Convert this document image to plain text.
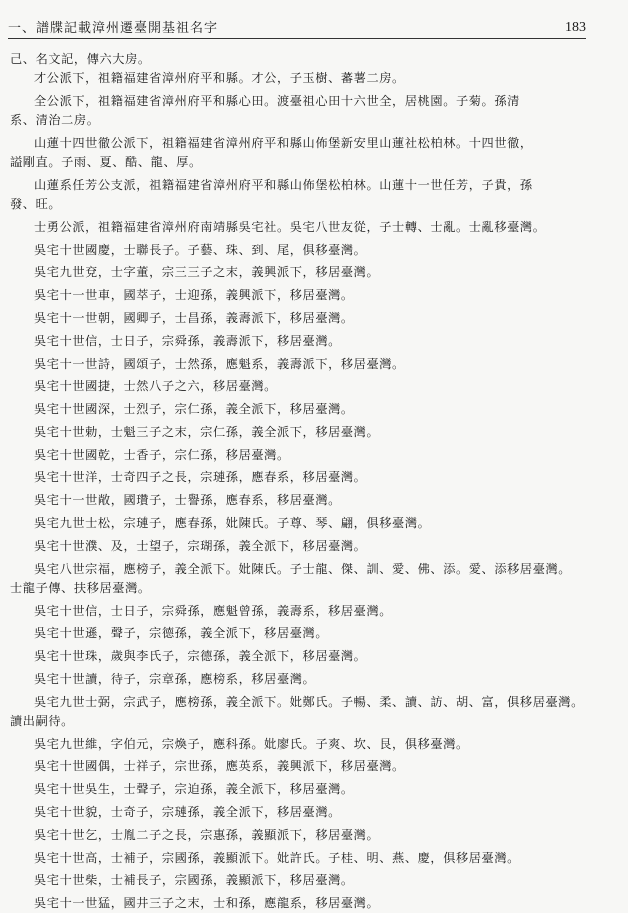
一、譜牒記載漳州遷臺開基祖名字	183
己、名文記，傳六大房。
才公派下，祖籍福建省漳州府平和縣。才公，子玉樹、蕃薯二房。
全公派下，祖籍福建省漳州府平和縣心田。渡臺祖心田十六世全，居桃園。子菊。孫清
系、清治二房。
山蓮十四世徹公派下，祖籍福建省漳州府平和縣山佈堡新安里山蓮社松柏林。十四世徹，
謚剛直。子雨、夏、酷、龍、厚。
山蓮系任芳公支派，祖籍福建省漳州府平和縣山佈堡松柏林。山蓮十一世任芳，子貴，孫
發、旺。
士勇公派，祖籍福建省漳州府南靖縣吳宅社。吳宅八世友從，子士轉、士亂。士亂移臺灣。
吳宅十世國慶，士聯長子。子藝、珠、到、尾，俱移臺灣。
吳宅九世兗，士字董，宗三三子之末，義興派下，移居臺灣。
吳宅十一世車，國萃子，士迎孫，義興派下，移居臺灣。
吳宅十一世朝，國卿子，士昌孫，義壽派下，移居臺灣。
吳宅十世信，士日子，宗舜孫，義壽派下，移居臺灣。
吳宅十一世詩，國頌子，士然孫，應魁系，義壽派下，移居臺灣。
吳宅十世國捷，士然八子之六，移居臺灣。
吳宅十世國深，士烈子，宗仁孫，義全派下，移居臺灣。
吳宅十世勅，士魁三子之末，宗仁孫，義全派下，移居臺灣。
吳宅十世國乾，士香子，宗仁孫，移居臺灣。
吳宅十世洋，士奇四子之長，宗璉孫，應春系，移居臺灣。
吳宅十一世敞，國瓚子，士譽孫，應春系，移居臺灣。
吳宅九世士松，宗璉子，應春孫，妣陳氏。子尊、琴、翩，俱移臺灣。
吳宅十世濮、及，士望子，宗瑚孫，義全派下，移居臺灣。
吳宅八世宗福，應榜子，義全派下。妣陳氏。子士龍、傑、訓、愛、佛、添。愛、添移居臺灣。
士龍子傳、扶移居臺灣。
吳宅十世信，士日子，宗舜孫，應魁曾孫，義壽系，移居臺灣。
吳宅十世遜，聲子，宗德孫，義全派下，移居臺灣。
吳宅十世珠，歲與李氏子，宗德孫，義全派下，移居臺灣。
吳宅十世讀，待子，宗章孫，應榜系，移居臺灣。
吳宅九世士弼，宗武子，應榜孫，義全派下。妣鄭氏。子暢、柔、讀、訪、胡、富，俱移居臺灣。
讀出嗣待。
吳宅九世維，字伯元，宗煥子，應科孫。妣廖氏。子爽、坎、艮，俱移臺灣。
吳宅十世國偶，士祥子，宗世孫，應英系，義興派下，移居臺灣。
吳宅十世吳生，士聲子，宗迫孫，義全派下，移居臺灣。
吳宅十世貌，士奇子，宗璉孫，義全派下，移居臺灣。
吳宅十世乞，士胤二子之長，宗惠孫，義顯派下，移居臺灣。
吳宅十世高，士補子，宗國孫，義顯派下。妣許氏。子桂、明、燕、慶，俱移居臺灣。
吳宅十世柴，士補長子，宗國孫，義顯派下，移居臺灣。
吳宅十一世猛，國井三子之末，士和孫，應龍系，移居臺灣。
